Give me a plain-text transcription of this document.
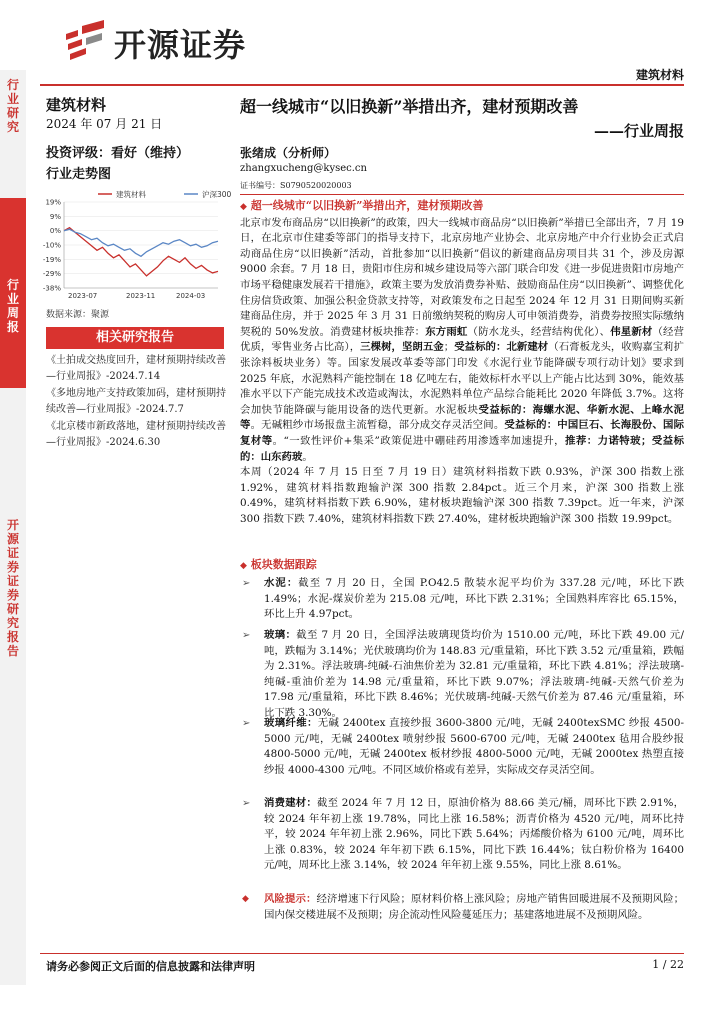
开源证券
建筑材料
行业研究
行业周报
开源证券 证券研究报告
建筑材料
2024 年 07 月 21 日
投资评级：看好（维持）
行业走势图
建筑材料	沪深300
19%
9%
0%
-10%
-19%
-29%
-38%
2023-07	2023-11	2024-03
数据来源：聚源
相关研究报告
《土拍成交热度回升，建材预期持续改善—行业周报》-2024.7.14
《多地房地产支持政策加码，建材预期持续改善—行业周报》-2024.7.7
《北京楼市新政落地，建材预期持续改善—行业周报》-2024.6.30
超一线城市“以旧换新”举措出齐，建材预期改善
——行业周报
张绪成（分析师）
zhangxucheng@kysec.cn
证书编号：S0790520020003
◆ 超一线城市“以旧换新”举措出齐，建材预期改善
北京市发布商品房“以旧换新”的政策，四大一线城市商品房“以旧换新”举措已全部出齐，7 月 19 日，在北京市住建委等部门的指导支持下，北京房地产业协会、北京房地产中介行业协会正式启动商品住房“以旧换新”活动，首批参加“以旧换新”倡议的新建商品房项目共 31 个，涉及房源 9000 余套。7 月 18 日，贵阳市住房和城乡建设局等六部门联合印发《进一步促进贵阳市房地产市场平稳健康发展若干措施》，政策主要为发放消费券补贴、鼓励商品住房“以旧换新”、调整优化住房信贷政策、加强公积金贷款支持等，对政策发布之日起至 2024 年 12 月 31 日期间购买新建商品住房，并于 2025 年 3 月 31 日前缴纳契税的购房人可申领消费券，消费券按照实际缴纳契税的 50%发放。消费建材板块推荐：东方雨虹（防水龙头，经营结构优化）、伟星新材（经营优质，零售业务占比高），三棵树，坚朗五金；受益标的：北新建材（石膏板龙头，收购嘉宝莉扩张涂料板块业务）等。国家发展改革委等部门印发《水泥行业节能降碳专项行动计划》要求到 2025 年底，水泥熟料产能控制在 18 亿吨左右，能效标杆水平以上产能占比达到 30%，能效基准水平以下产能完成技术改造或淘汰，水泥熟料单位产品综合能耗比 2020 年降低 3.7%。这将会加快节能降碳与能用设备的迭代更新。水泥板块受益标的：海螺水泥、华新水泥、上峰水泥等。无碱粗纱市场报盘主流暂稳，部分成交存灵活空间。受益标的：中国巨石、长海股份、国际复材等。“一致性评价+集采”政策促进中硼硅药用渗透率加速提升，推荐：力诺特玻；受益标的：山东药玻。
本周（2024 年 7 月 15 日至 7 月 19 日）建筑材料指数下跌 0.93%，沪深 300 指数上涨 1.92%，建筑材料指数跑输沪深 300 指数 2.84pct。近三个月来，沪深 300 指数上涨 0.49%，建筑材料指数下跌 6.90%，建材板块跑输沪深 300 指数 7.39pct。近一年来，沪深 300 指数下跌 7.40%，建筑材料指数下跌 27.40%，建材板块跑输沪深 300 指数 19.99pct。
◆ 板块数据跟踪
➢ 水泥：截至 7 月 20 日，全国 P.O42.5 散装水泥平均价为 337.28 元/吨，环比下跌 1.49%；水泥-煤炭价差为 215.08 元/吨，环比下跌 2.31%；全国熟料库容比 65.15%，环比上升 4.97pct。
➢ 玻璃：截至 7 月 20 日，全国浮法玻璃现货均价为 1510.00 元/吨，环比下跌 49.00 元/吨，跌幅为 3.14%；光伏玻璃均价为 148.83 元/重量箱，环比下跌 3.52 元/重量箱，跌幅为 2.31%。浮法玻璃-纯碱-石油焦价差为 32.81 元/重量箱，环比下跌 4.81%；浮法玻璃-纯碱-重油价差为 14.98 元/重量箱，环比下跌 9.07%；浮法玻璃-纯碱-天然气价差为 17.98 元/重量箱，环比下跌 8.46%；光伏玻璃-纯碱-天然气价差为 87.46 元/重量箱，环比下跌 3.30%。
➢ 玻璃纤维：无碱 2400tex 直接纱报 3600-3800 元/吨，无碱 2400texSMC 纱报 4500-5000 元/吨，无碱 2400tex 喷射纱报 5600-6700 元/吨，无碱 2400tex 毡用合股纱报 4800-5000 元/吨，无碱 2400tex 板材纱报 4800-5000 元/吨，无碱 2000tex 热塑直接纱报 4000-4300 元/吨。不同区域价格或有差异，实际成交存灵活空间。
➢ 消费建材：截至 2024 年 7 月 12 日，原油价格为 88.66 美元/桶，周环比下跌 2.91%，较 2024 年年初上涨 19.78%，同比上涨 16.58%；沥青价格为 4520 元/吨，周环比持平，较 2024 年年初上涨 2.96%，同比下跌 5.64%；丙烯酸价格为 6100 元/吨，周环比上涨 0.83%，较 2024 年年初下跌 6.15%，同比下跌 16.44%；钛白粉价格为 16400 元/吨，周环比上涨 3.14%，较 2024 年年初上涨 9.55%，同比上涨 8.61%。
◆ 风险提示：经济增速下行风险；原材料价格上涨风险；房地产销售回暖进展不及预期风险；国内保交楼进展不及预期；房企流动性风险蔓延压力；基建落地进展不及预期风险。
请务必参阅正文后面的信息披露和法律声明	1 / 22
